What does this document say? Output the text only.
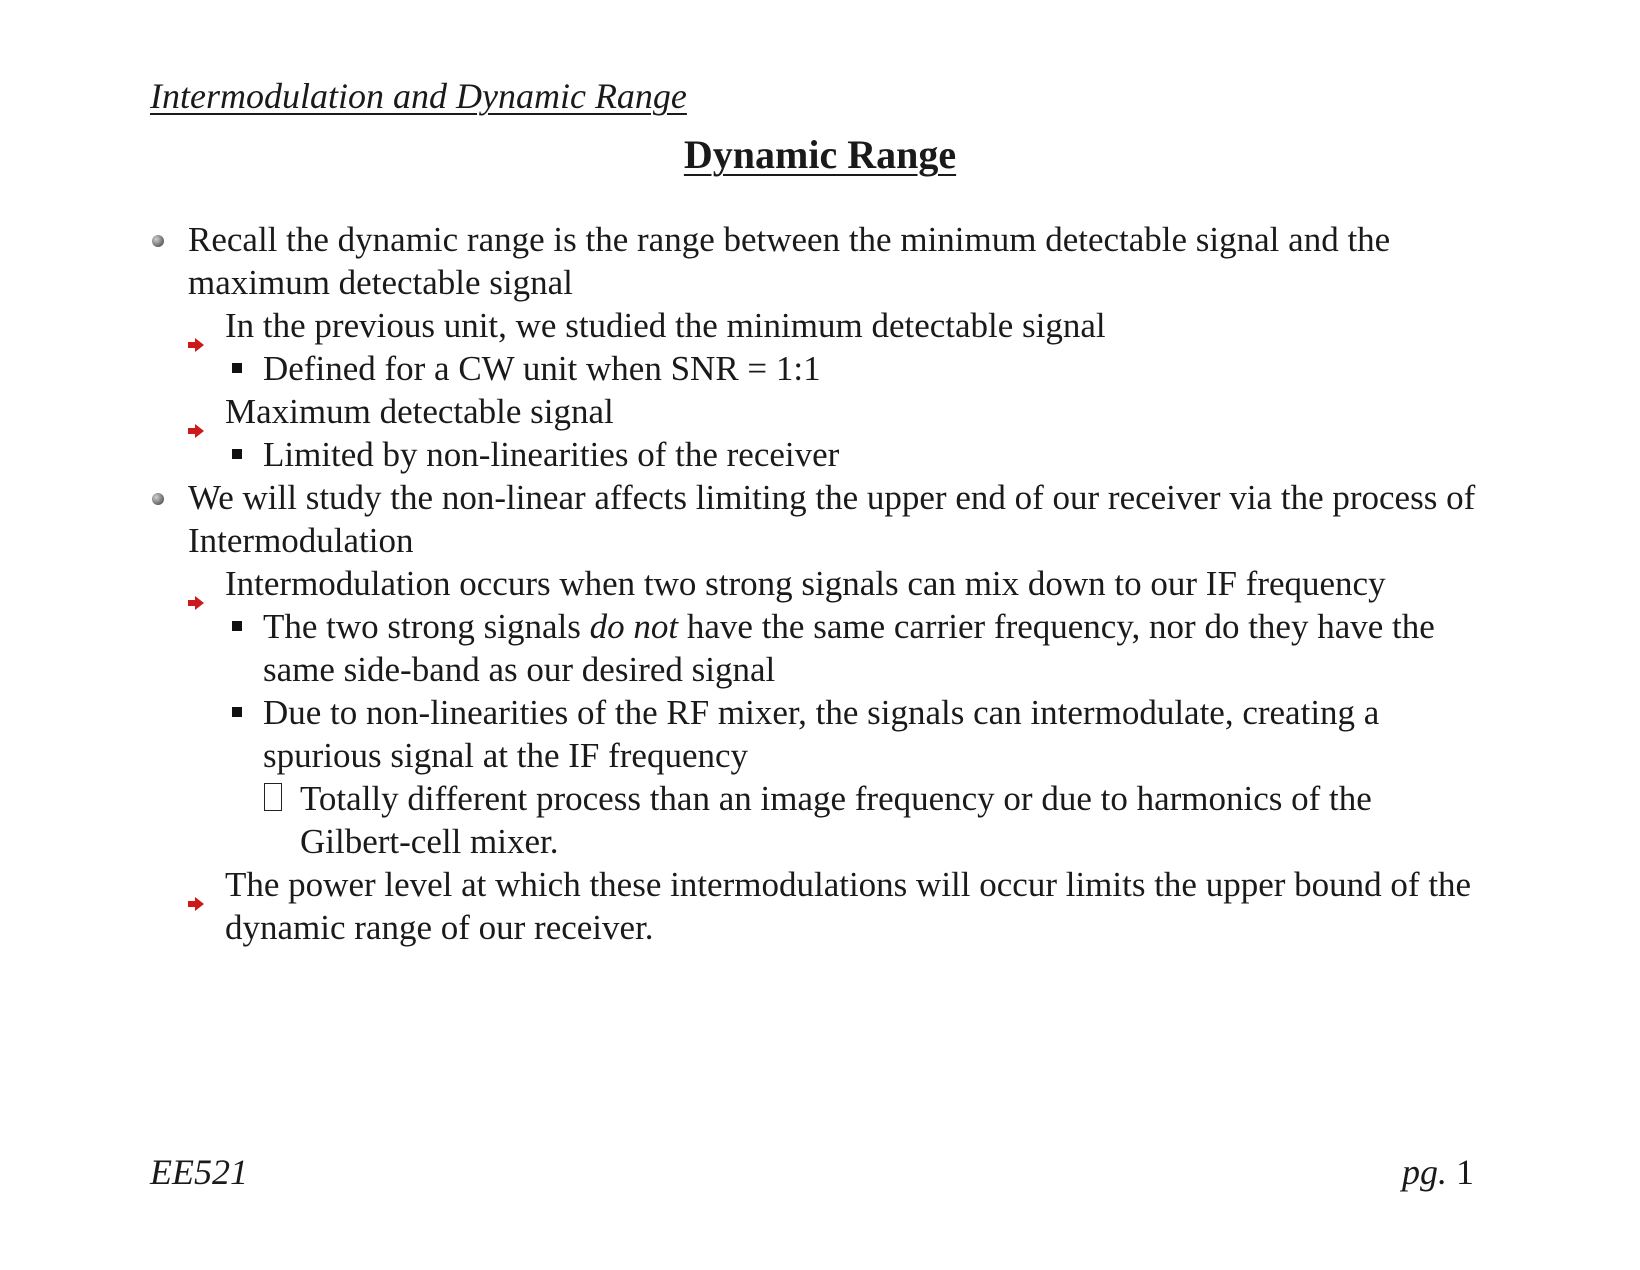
Intermodulation and Dynamic Range
Dynamic Range
Recall the dynamic range is the range between the minimum detectable signal and the maximum detectable signal
In the previous unit, we studied the minimum detectable signal
Defined for a CW unit when SNR = 1:1
Maximum detectable signal
Limited by non-linearities of the receiver
We will study the non-linear affects limiting the upper end of our receiver via the process of Intermodulation
Intermodulation occurs when two strong signals can mix down to our IF frequency
The two strong signals do not have the same carrier frequency, nor do they have the same side-band as our desired signal
Due to non-linearities of the RF mixer, the signals can intermodulate, creating a spurious signal at the IF frequency
Totally different process than an image frequency or due to harmonics of the Gilbert-cell mixer.
The power level at which these intermodulations will occur limits the upper bound of the dynamic range of our receiver.
EE521	pg. 1
